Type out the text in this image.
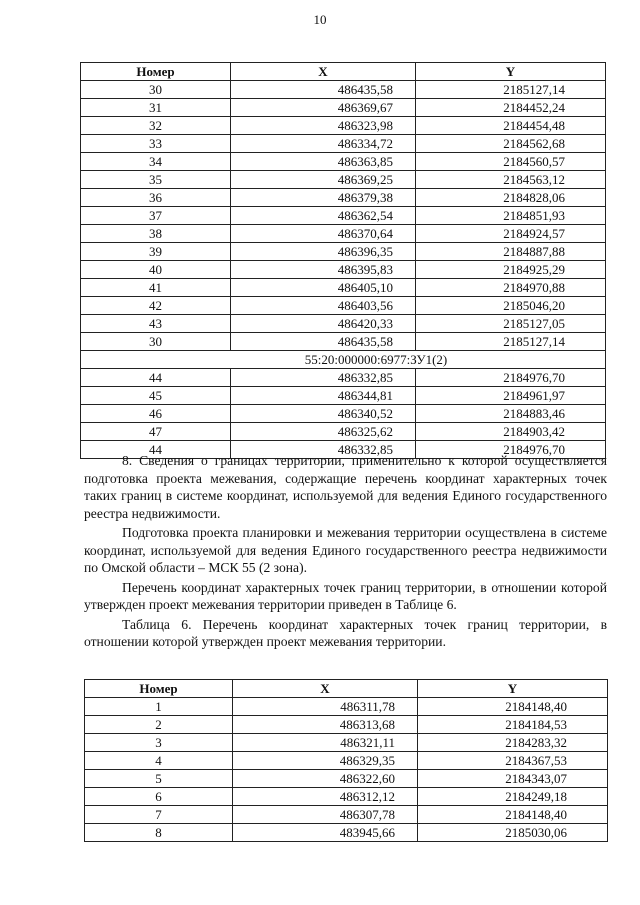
10
Номер	X	Y
30	486435,58	2185127,14
31	486369,67	2184452,24
32	486323,98	2184454,48
33	486334,72	2184562,68
34	486363,85	2184560,57
35	486369,25	2184563,12
36	486379,38	2184828,06
37	486362,54	2184851,93
38	486370,64	2184924,57
39	486396,35	2184887,88
40	486395,83	2184925,29
41	486405,10	2184970,88
42	486403,56	2185046,20
43	486420,33	2185127,05
30	486435,58	2185127,14
55:20:000000:6977:ЗУ1(2)		
44	486332,85	2184976,70
45	486344,81	2184961,97
46	486340,52	2184883,46
47	486325,62	2184903,42
44	486332,85	2184976,70

8. Сведения о границах территории, применительно к которой осуществляется подготовка проекта межевания, содержащие перечень координат характерных точек таких границ в системе координат, используемой для ведения Единого государственного реестра недвижимости.

Подготовка проекта планировки и межевания территории осуществлена в системе координат, используемой для ведения Единого государственного реестра недвижимости по Омской области – МСК 55 (2 зона).

Перечень координат характерных точек границ территории, в отношении которой утвержден проект межевания территории приведен в Таблице 6.

Таблица 6. Перечень координат характерных точек границ территории, в отношении которой утвержден проект межевания территории.

Номер	X	Y
1	486311,78	2184148,40
2	486313,68	2184184,53
3	486321,11	2184283,32
4	486329,35	2184367,53
5	486322,60	2184343,07
6	486312,12	2184249,18
7	486307,78	2184148,40
8	483945,66	2185030,06
